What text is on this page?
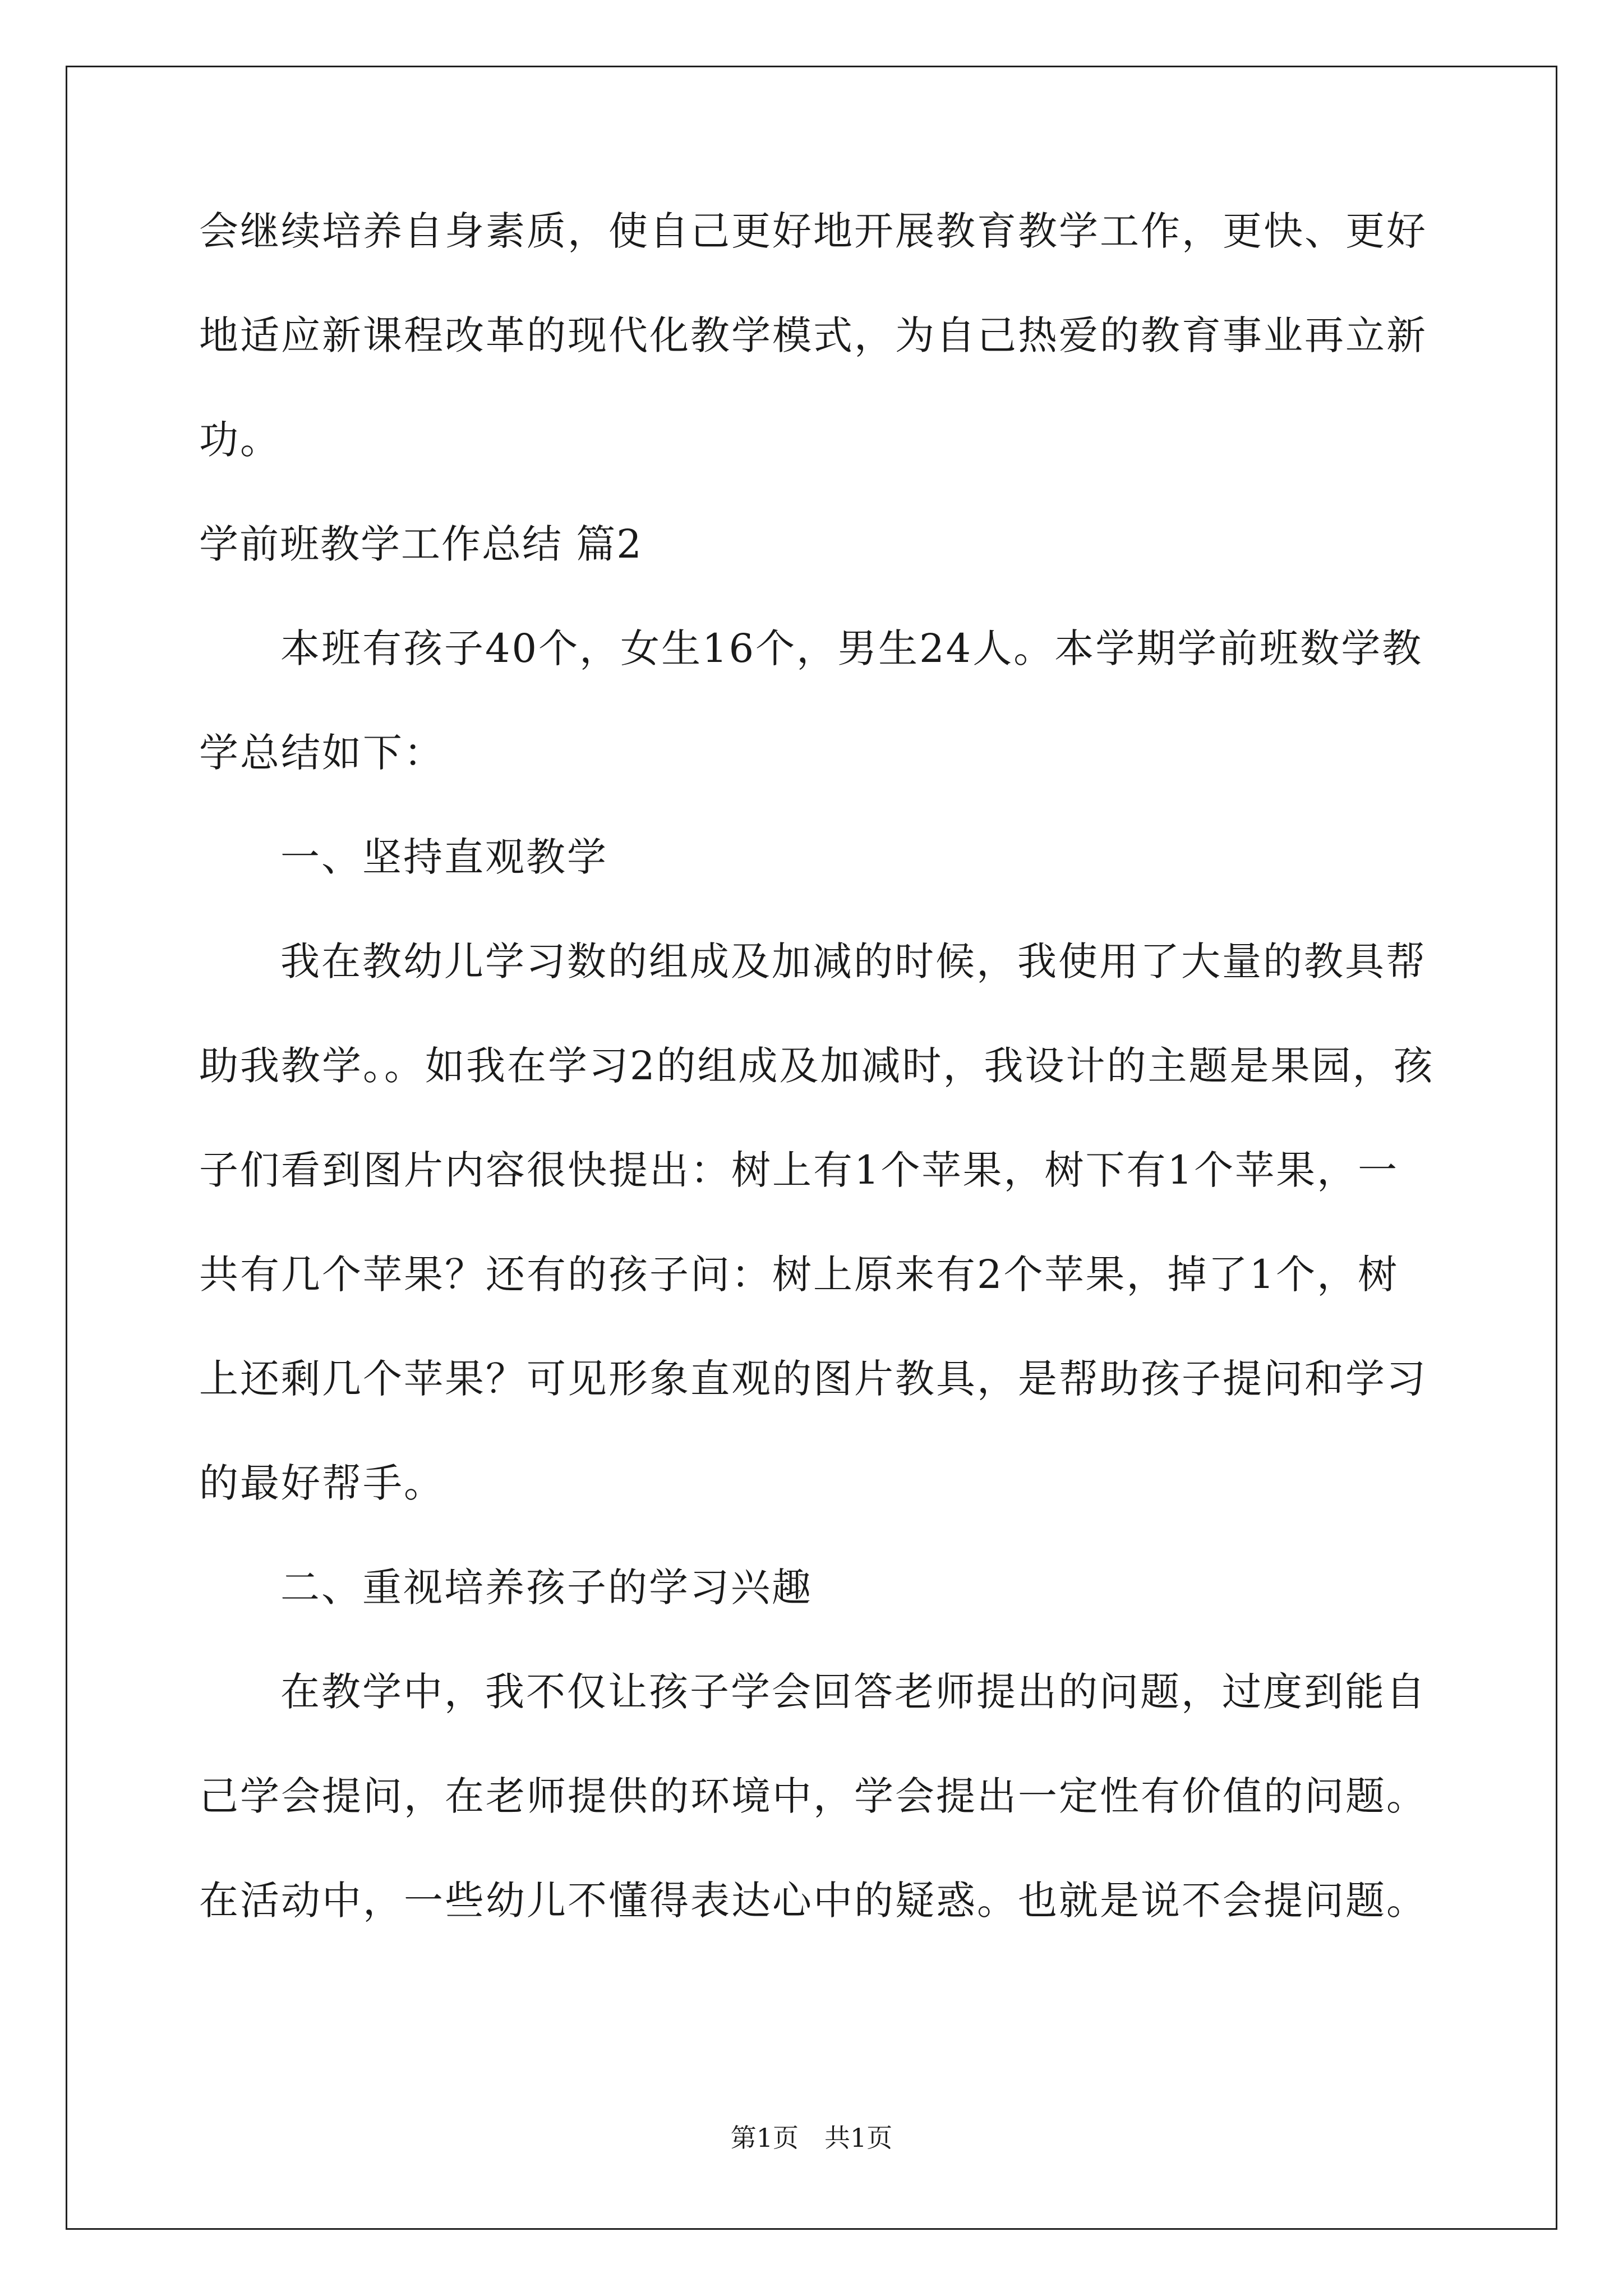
会继续培养自身素质，使自己更好地开展教育教学工作，更快、更好
地适应新课程改革的现代化教学模式，为自己热爱的教育事业再立新
功。
学前班教学工作总结 篇2
本班有孩子40个，女生16个，男生24人。本学期学前班数学教
学总结如下：
一、坚持直观教学
我在教幼儿学习数的组成及加减的时候，我使用了大量的教具帮
助我教学。。如我在学习2的组成及加减时，我设计的主题是果园，孩
子们看到图片内容很快提出：树上有1个苹果，树下有1个苹果，一
共有几个苹果？还有的孩子问：树上原来有2个苹果，掉了1个，树
上还剩几个苹果？可见形象直观的图片教具，是帮助孩子提问和学习
的最好帮手。
二、重视培养孩子的学习兴趣
在教学中，我不仅让孩子学会回答老师提出的问题，过度到能自
己学会提问，在老师提供的环境中，学会提出一定性有价值的问题。
在活动中，一些幼儿不懂得表达心中的疑惑。也就是说不会提问题。
第1页 共1页
